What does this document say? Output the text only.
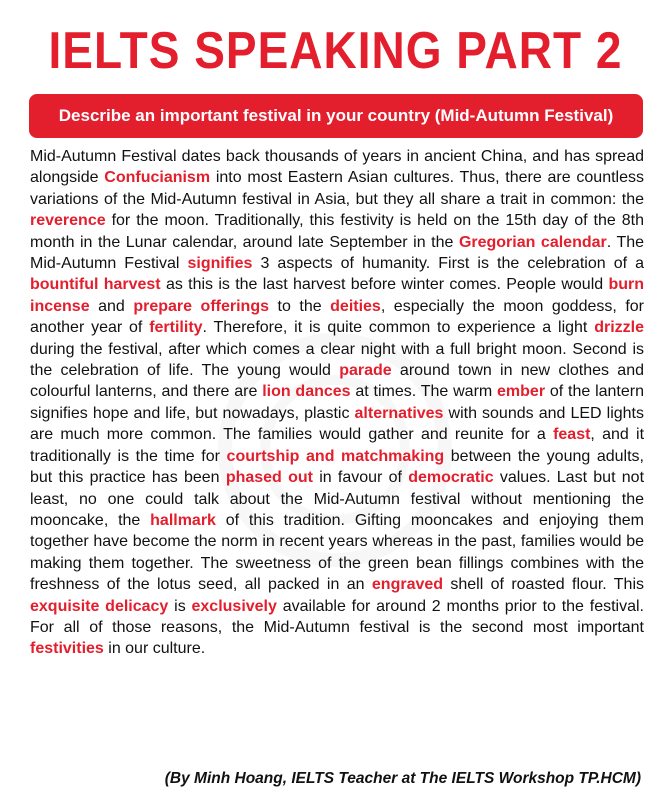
IELTS SPEAKING PART 2
Describe an important festival in your country (Mid-Autumn Festival)
Mid-Autumn Festival dates back thousands of years in ancient China, and has spread alongside Confucianism into most Eastern Asian cultures. Thus, there are countless variations of the Mid-Autumn festival in Asia, but they all share a trait in common: the reverence for the moon. Traditionally, this festivity is held on the 15th day of the 8th month in the Lunar calendar, around late September in the Gregorian calendar. The Mid-Autumn Festival signifies 3 aspects of humanity. First is the celebration of a bountiful harvest as this is the last harvest before winter comes. People would burn incense and prepare offerings to the deities, especially the moon goddess, for another year of fertility. Therefore, it is quite common to experience a light drizzle during the festival, after which comes a clear night with a full bright moon. Second is the celebration of life. The young would parade around town in new clothes and colourful lanterns, and there are lion dances at times. The warm ember of the lantern signifies hope and life, but nowadays, plastic alternatives with sounds and LED lights are much more common. The families would gather and reunite for a feast, and it traditionally is the time for courtship and matchmaking between the young adults, but this practice has been phased out in favour of democratic values. Last but not least, no one could talk about the Mid-Autumn festival without mentioning the mooncake, the hallmark of this tradition. Gifting mooncakes and enjoying them together have become the norm in recent years whereas in the past, families would be making them together. The sweetness of the green bean fillings combines with the freshness of the lotus seed, all packed in an engraved shell of roasted flour. This exquisite delicacy is exclusively available for around 2 months prior to the festival. For all of those reasons, the Mid-Autumn festival is the second most important festivities in our culture.
(By Minh Hoang, IELTS Teacher at The IELTS Workshop TP.HCM)
